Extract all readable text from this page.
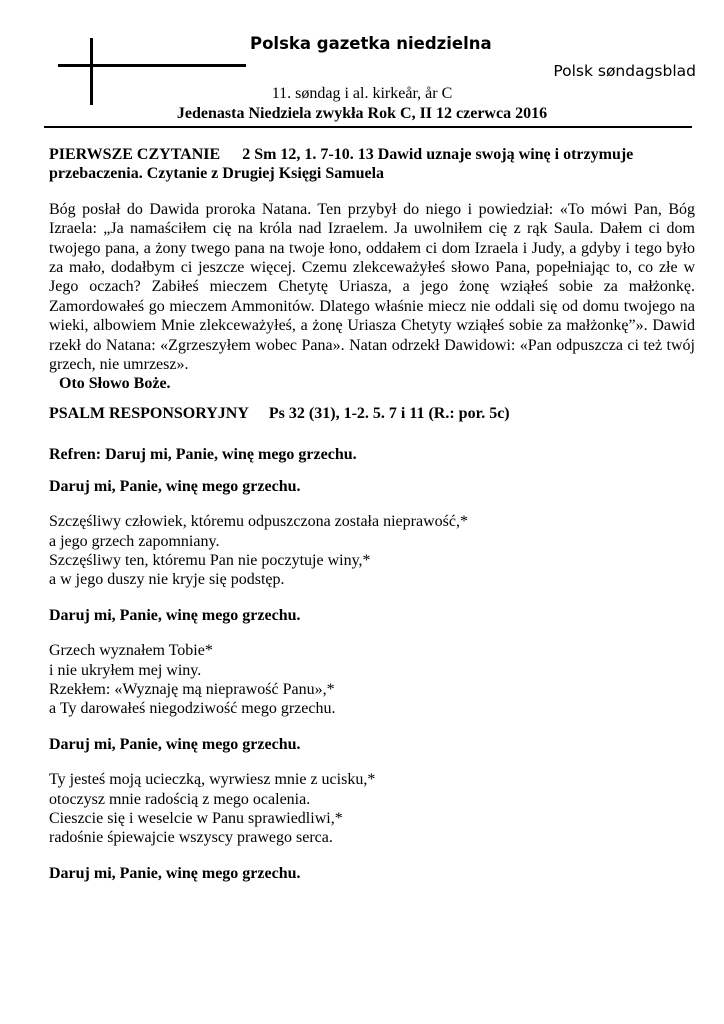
Polska gazetka niedzielna
Polsk søndagsblad
11. søndag i al. kirkeår, år C
Jedenasta Niedziela zwykła Rok C, II 12 czerwca 2016

PIERWSZE CZYTANIE 2 Sm 12, 1. 7-10. 13 Dawid uznaje swoją winę i otrzymuje

przebaczenia. Czytanie z Drugiej Księgi Samuela

Bóg posłał do Dawida proroka Natana. Ten przybył do niego i powiedział: «To mówi Pan, Bóg Izraela: „Ja namaściłem cię na króla nad Izraelem. Ja uwolniłem cię z rąk Saula. Dałem ci dom twojego pana, a żony twego pana na twoje łono, oddałem ci dom Izraela i Judy, a gdyby i tego było za mało, dodałbym ci jeszcze więcej. Czemu zlekceważyłeś słowo Pana, popełniając to, co złe w Jego oczach? Zabiłeś mieczem Chetytę Uriasza, a jego żonę wziąłeś sobie za małżonkę. Zamordowałeś go mieczem Ammonitów. Dlatego właśnie miecz nie oddali się od domu twojego na wieki, albowiem Mnie zlekceważyłeś, a żonę Uriasza Chetyty wziąłeś sobie za małżonkę”». Dawid rzekł do Natana: «Zgrzeszyłem wobec Pana». Natan odrzekł Dawidowi: «Pan odpuszcza ci też twój grzech, nie umrzesz».

Oto Słowo Boże.

PSALM RESPONSORYJNY Ps 32 (31), 1-2. 5. 7 i 11 (R.: por. 5c)

Refren: Daruj mi, Panie, winę mego grzechu.

Daruj mi, Panie, winę mego grzechu.

Szczęśliwy człowiek, któremu odpuszczona została nieprawość,*

a jego grzech zapomniany.

Szczęśliwy ten, któremu Pan nie poczytuje winy,*

a w jego duszy nie kryje się podstęp.

Daruj mi, Panie, winę mego grzechu.

Grzech wyznałem Tobie*

i nie ukryłem mej winy.

Rzekłem: «Wyznaję mą nieprawość Panu»,*

a Ty darowałeś niegodziwość mego grzechu.

Daruj mi, Panie, winę mego grzechu.

Ty jesteś moją ucieczką, wyrwiesz mnie z ucisku,*

otoczysz mnie radością z mego ocalenia.

Cieszcie się i weselcie w Panu sprawiedliwi,*

radośnie śpiewajcie wszyscy prawego serca.

Daruj mi, Panie, winę mego grzechu.
